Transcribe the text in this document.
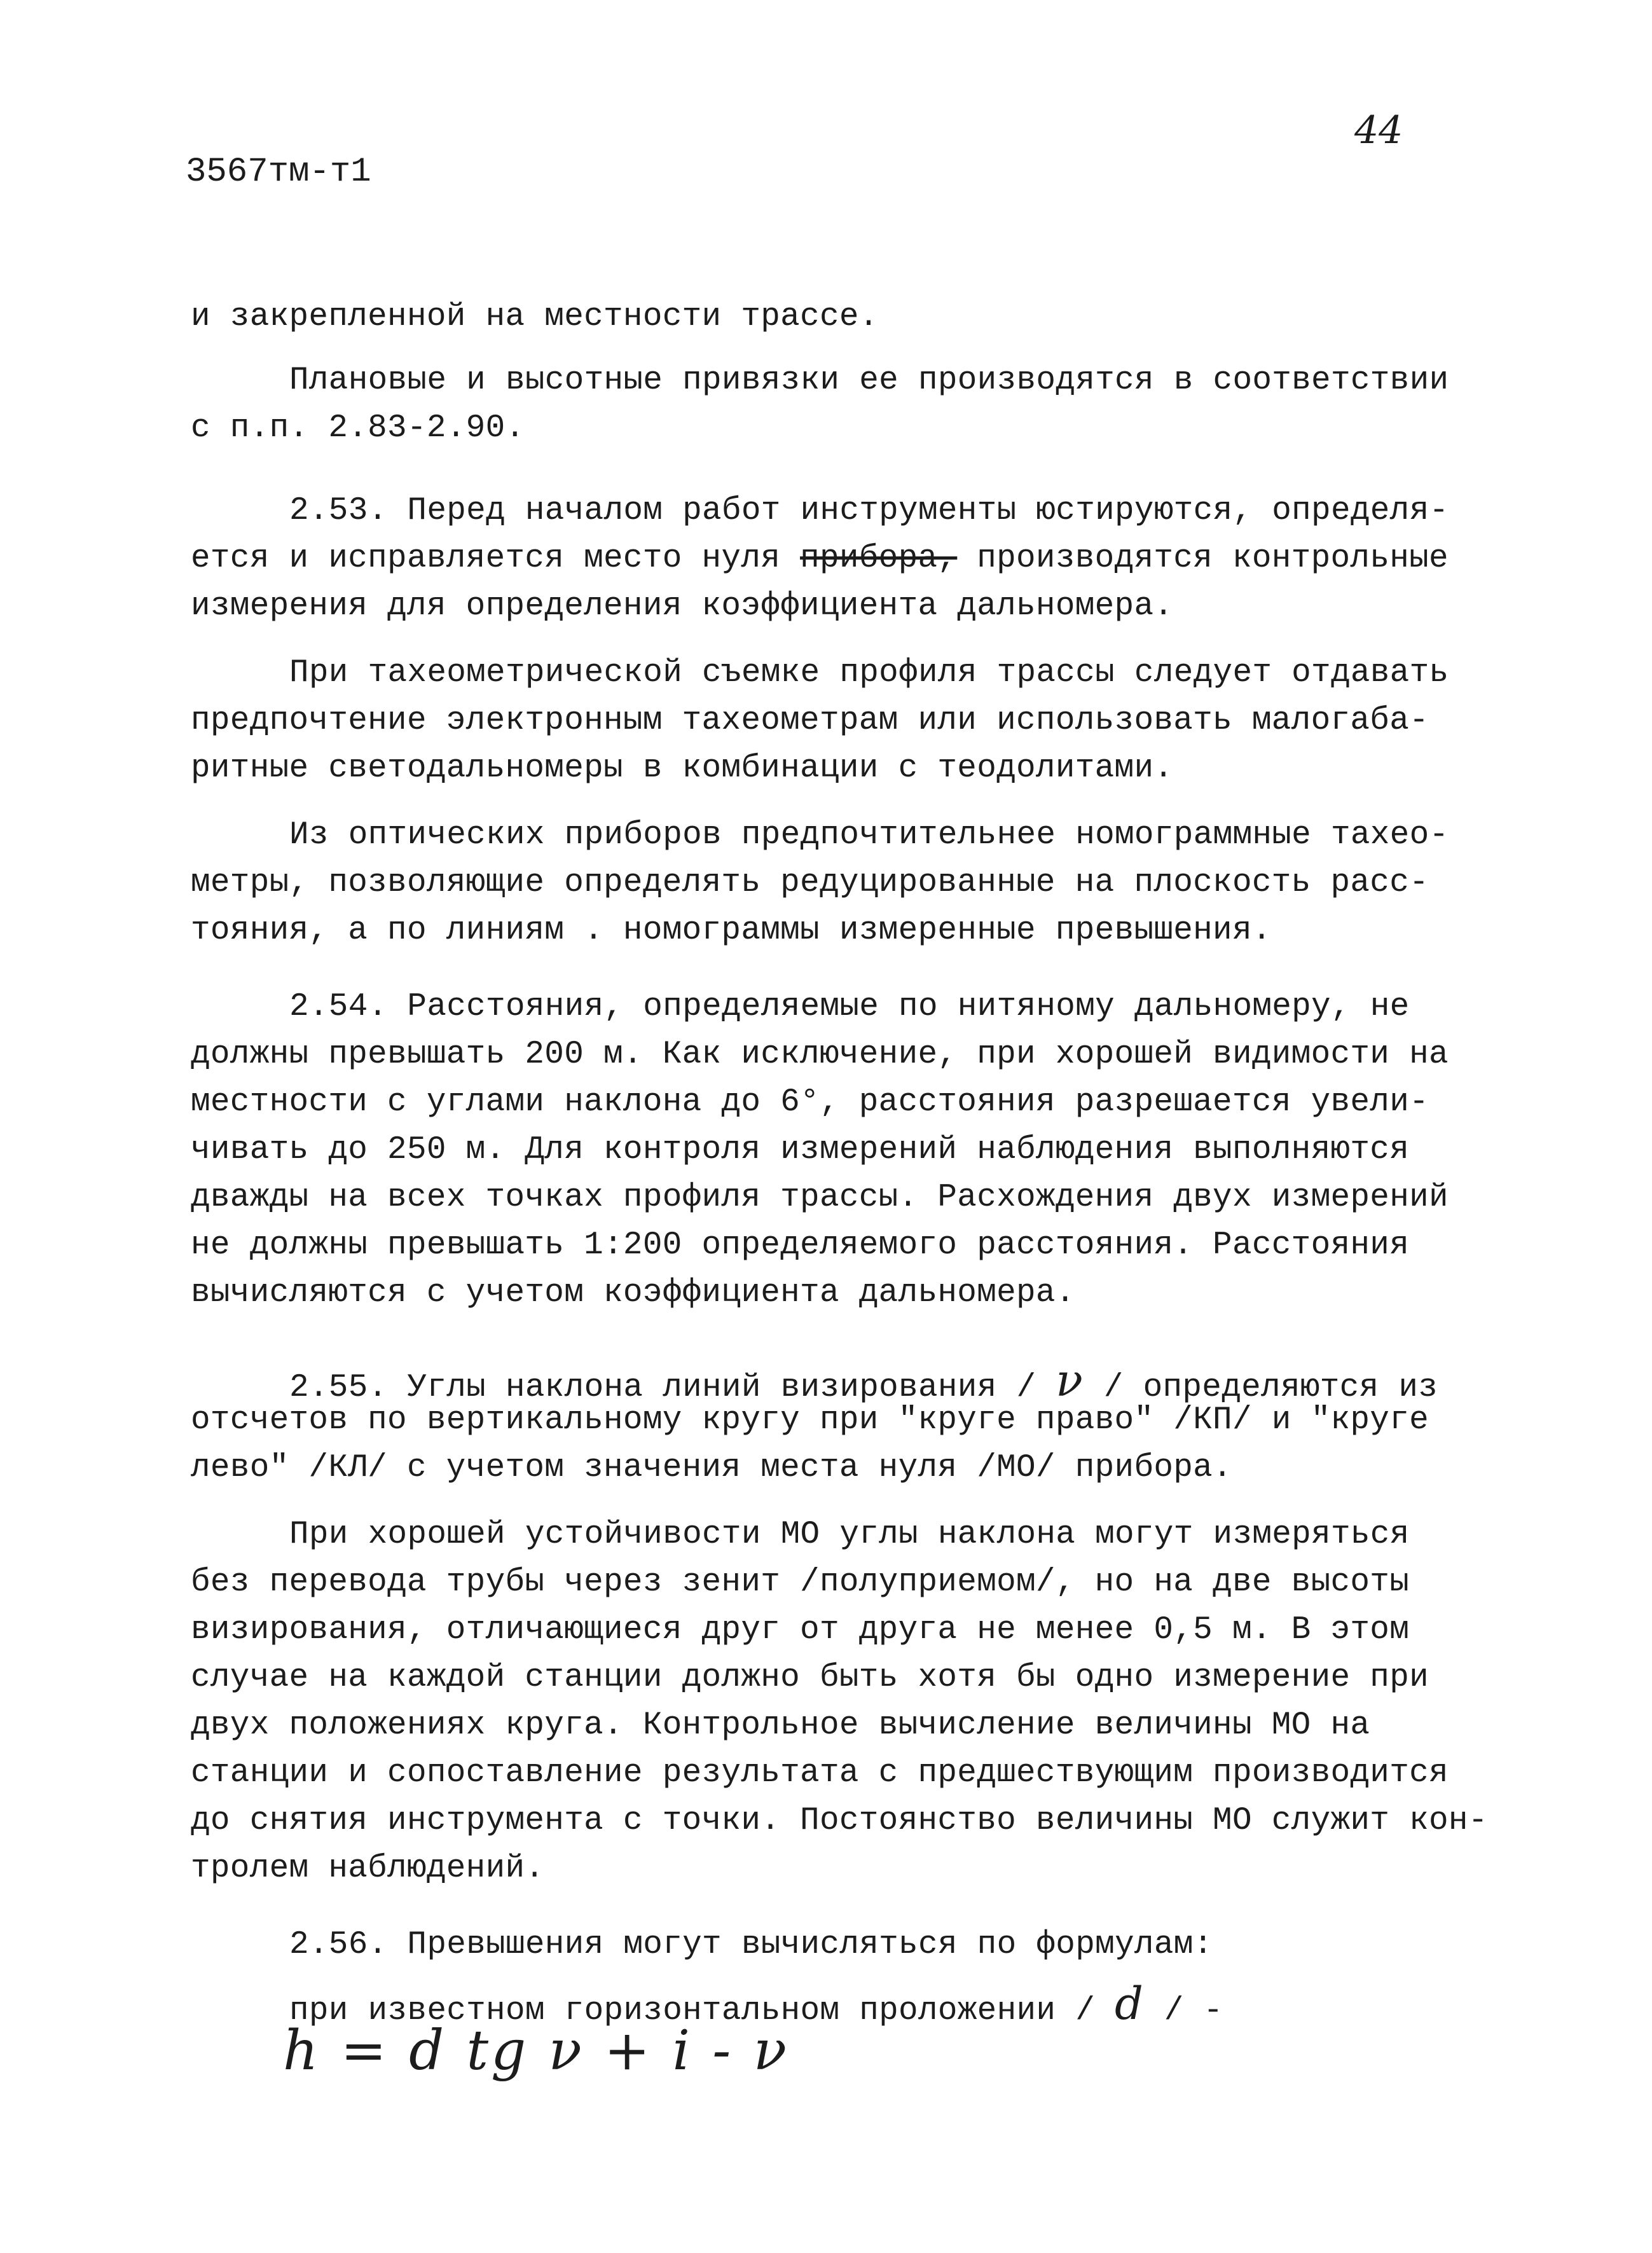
44
3567тм-т1
и закрепленной на местности трассе.
Плановые и высотные привязки ее производятся в соответствии
с п.п. 2.83-2.90.
2.53. Перед началом работ инструменты юстируются, определя-
ется и исправляется место нуля прибора, производятся контрольные
измерения для определения коэффициента дальномера.
При тахеометрической съемке профиля трассы следует отдавать
предпочтение электронным тахеометрам или использовать малогаба-
ритные светодальномеры в комбинации с теодолитами.
Из оптических приборов предпочтительнее номограммные тахео-
метры, позволяющие определять редуцированные на плоскость расс-
тояния, а по линиям . номограммы измеренные превышения.
2.54. Расстояния, определяемые по нитяному дальномеру, не
должны превышать 200 м. Как исключение, при хорошей видимости на
местности с углами наклона до 6°, расстояния разрешается увели-
чивать до 250 м. Для контроля измерений наблюдения выполняются
дважды на всех точках профиля трассы. Расхождения двух измерений
не должны превышать 1:200 определяемого расстояния. Расстояния
вычисляются с учетом коэффициента дальномера.
2.55. Углы наклона линий визирования / ν / определяются из
отсчетов по вертикальному кругу при "круге право" /КП/ и "круге
лево" /КЛ/ с учетом значения места нуля /МО/ прибора.
При хорошей устойчивости МО углы наклона могут измеряться
без перевода трубы через зенит /полуприемом/, но на две высоты
визирования, отличающиеся друг от друга не менее 0,5 м. В этом
случае на каждой станции должно быть хотя бы одно измерение при
двух положениях круга. Контрольное вычисление величины МО на
станции и сопоставление результата с предшествующим производится
до снятия инструмента с точки. Постоянство величины МО служит кон-
тролем наблюдений.
2.56. Превышения могут вычисляться по формулам:
при известном горизонтальном проложении / d / -
h = d tg ν + i - ν
